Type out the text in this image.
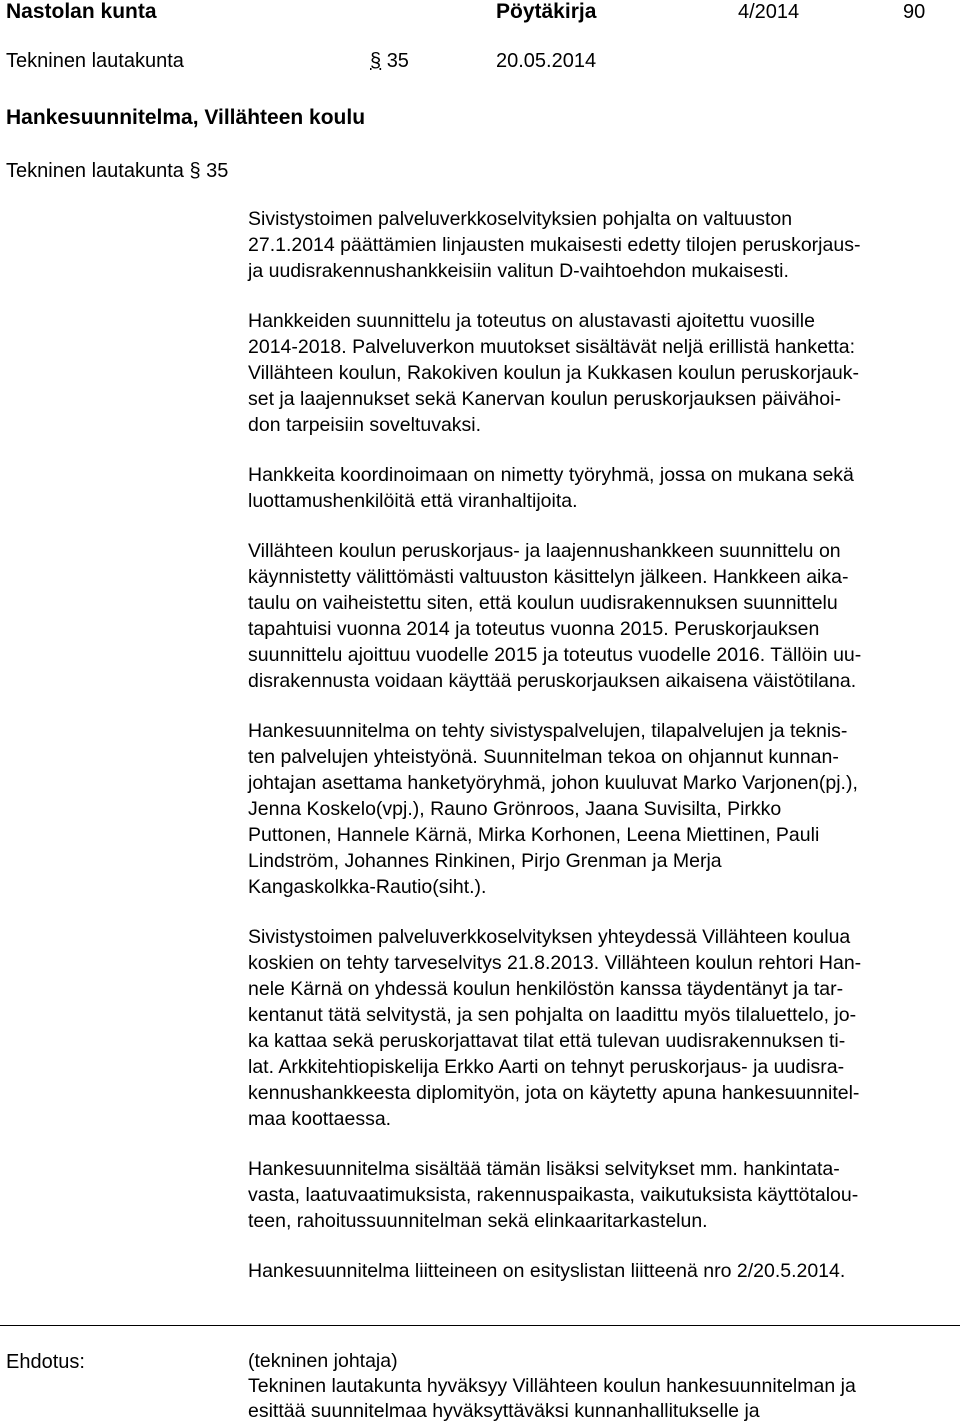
Nastolan kunta	Pöytäkirja	4/2014	90
Tekninen lautakunta	§ 35	20.05.2014
Hankesuunnitelma, Villähteen koulu
Tekninen lautakunta § 35

Sivistystoimen palveluverkkoselvityksien pohjalta on valtuuston
27.1.2014 päättämien linjausten mukaisesti edetty tilojen peruskorjaus-
ja uudisrakennushankkeisiin valitun D-vaihtoehdon mukaisesti.

Hankkeiden suunnittelu ja toteutus on alustavasti ajoitettu vuosille
2014-2018. Palveluverkon muutokset sisältävät neljä erillistä hanketta:
Villähteen koulun, Rakokiven koulun ja Kukkasen koulun peruskorjauk-
set ja laajennukset sekä Kanervan koulun peruskorjauksen päivähoi-
don tarpeisiin soveltuvaksi.

Hankkeita koordinoimaan on nimetty työryhmä, jossa on mukana sekä
luottamushenkilöitä että viranhaltijoita.

Villähteen koulun peruskorjaus- ja laajennushankkeen suunnittelu on
käynnistetty välittömästi valtuuston käsittelyn jälkeen. Hankkeen aika-
taulu on vaiheistettu siten, että koulun uudisrakennuksen suunnittelu
tapahtuisi vuonna 2014 ja toteutus vuonna 2015. Peruskorjauksen
suunnittelu ajoittuu vuodelle 2015 ja toteutus vuodelle 2016. Tällöin uu-
disrakennusta voidaan käyttää peruskorjauksen aikaisena väistötilana.

Hankesuunnitelma on tehty sivistyspalvelujen, tilapalvelujen ja teknis-
ten palvelujen yhteistyönä. Suunnitelman tekoa on ohjannut kunnan-
johtajan asettama hanketyöryhmä, johon kuuluvat Marko Varjonen(pj.),
Jenna Koskelo(vpj.), Rauno Grönroos, Jaana Suvisilta, Pirkko
Puttonen, Hannele Kärnä, Mirka Korhonen, Leena Miettinen, Pauli
Lindström, Johannes Rinkinen, Pirjo Grenman ja Merja
Kangaskolkka-Rautio(siht.).

Sivistystoimen palveluverkkoselvityksen yhteydessä Villähteen koulua
koskien on tehty tarveselvitys 21.8.2013. Villähteen koulun rehtori Han-
nele Kärnä on yhdessä koulun henkilöstön kanssa täydentänyt ja tar-
kentanut tätä selvitystä, ja sen pohjalta on laadittu myös tilaluettelo, jo-
ka kattaa sekä peruskorjattavat tilat että tulevan uudisrakennuksen ti-
lat. Arkkitehtiopiskelija Erkko Aarti on tehnyt peruskorjaus- ja uudisra-
kennushankkeesta diplomityön, jota on käytetty apuna hankesuunnitel-
maa koottaessa.

Hankesuunnitelma sisältää tämän lisäksi selvitykset mm. hankintata-
vasta, laatuvaatimuksista, rakennuspaikasta, vaikutuksista käyttötalou-
teen, rahoitussuunnitelman sekä elinkaaritarkastelun.

Hankesuunnitelma liitteineen on esityslistan liitteenä nro 2/20.5.2014.

Ehdotus:	(tekninen johtaja)
Tekninen lautakunta hyväksyy Villähteen koulun hankesuunnitelman ja
esittää suunnitelmaa hyväksyttäväksi kunnanhallitukselle ja
